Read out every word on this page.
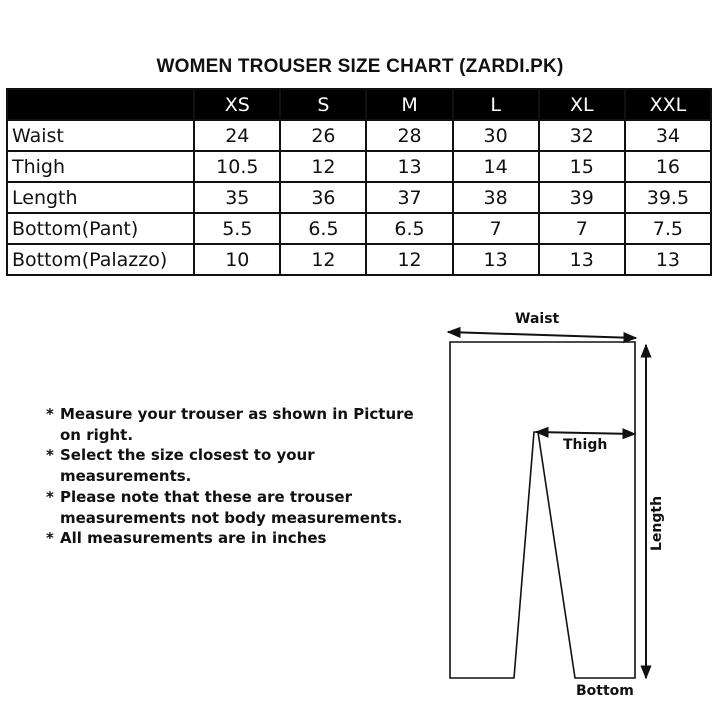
WOMEN TROUSER SIZE CHART (ZARDI.PK)
	XS	S	M	L	XL	XXL
Waist	24	26	28	30	32	34
Thigh	10.5	12	13	14	15	16
Length	35	36	37	38	39	39.5
Bottom(Pant)	5.5	6.5	6.5	7	7	7.5
Bottom(Palazzo)	10	12	12	13	13	13
* Measure your trouser as shown in Picture on right.
* Select the size closest to your measurements.
* Please note that these are trouser measurements not body measurements.
* All measurements are in inches
Waist
Thigh
Length
Bottom
